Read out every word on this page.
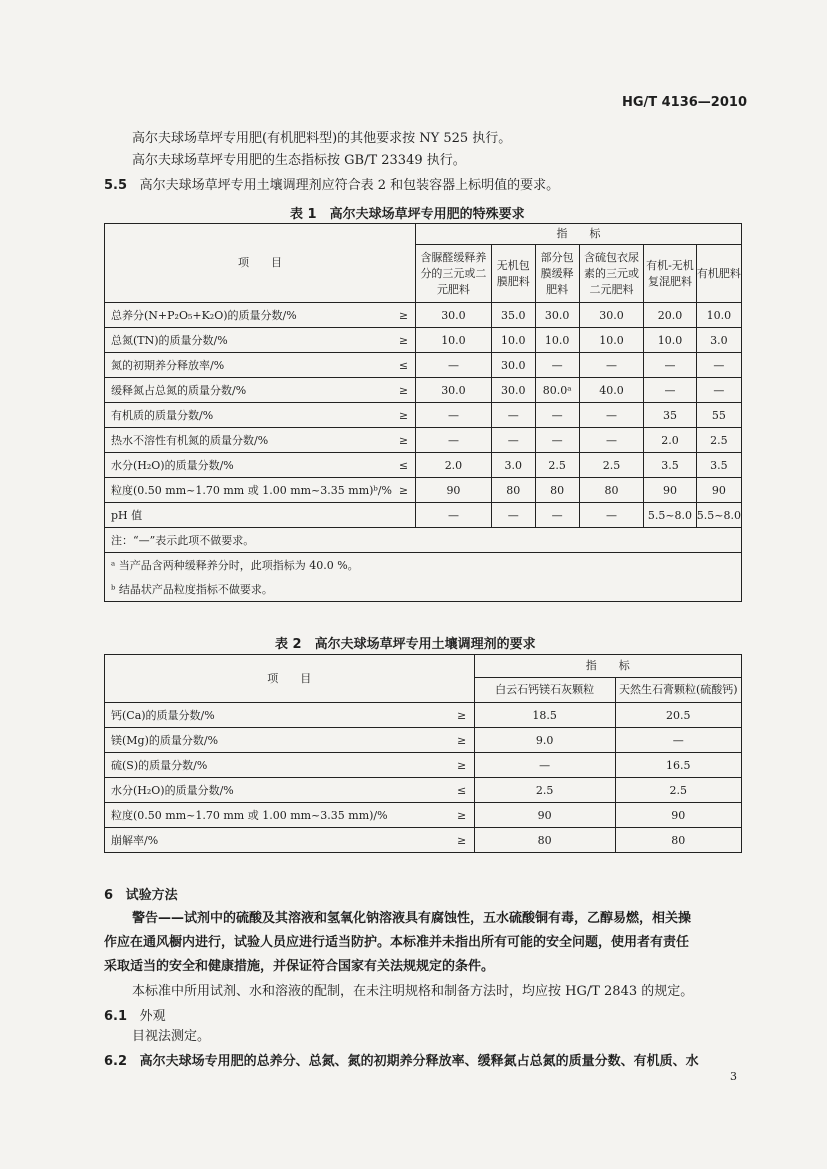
HG/T 4136—2010
高尔夫球场草坪专用肥(有机肥料型)的其他要求按 NY 525 执行。
高尔夫球场草坪专用肥的生态指标按 GB/T 23349 执行。
5.5 高尔夫球场草坪专用土壤调理剂应符合表 2 和包装容器上标明值的要求。
表 1　高尔夫球场草坪专用肥的特殊要求
项　　目		指　　标					
		含脲醛缓释养分的三元或二元肥料	无机包膜肥料	部分包膜缓释肥料	含硫包衣尿素的三元或二元肥料	有机-无机复混肥料	有机肥料
总养分(N+P₂O₅+K₂O)的质量分数/%	≥	30.0	35.0	30.0	30.0	20.0	10.0
总氮(TN)的质量分数/%	≥	10.0	10.0	10.0	10.0	10.0	3.0
氮的初期养分释放率/%	≤	—	30.0	—	—	—	—
缓释氮占总氮的质量分数/%	≥	30.0	30.0	80.0ᵃ	40.0	—	—
有机质的质量分数/%	≥	—	—	—	—	35	55
热水不溶性有机氮的质量分数/%	≥	—	—	—	—	2.0	2.5
水分(H₂O)的质量分数/%	≤	2.0	3.0	2.5	2.5	3.5	3.5
粒度(0.50 mm~1.70 mm 或 1.00 mm~3.35 mm)ᵇ/%	≥	90	80	80	80	90	90
pH 值		—	—	—	—	5.5~8.0	5.5~8.0
注：“—”表示此项不做要求。							
ᵃ 当产品含两种缓释养分时，此项指标为 40.0 %。							
ᵇ 结晶状产品粒度指标不做要求。							
表 2　高尔夫球场草坪专用土壤调理剂的要求
项　　目		指　　标	
		白云石钙镁石灰颗粒	天然生石膏颗粒(硫酸钙)
钙(Ca)的质量分数/%	≥	18.5	20.5
镁(Mg)的质量分数/%	≥	9.0	—
硫(S)的质量分数/%	≥	—	16.5
水分(H₂O)的质量分数/%	≤	2.5	2.5
粒度(0.50 mm~1.70 mm 或 1.00 mm~3.35 mm)/%	≥	90	90
崩解率/%	≥	80	80
6 试验方法
警告——试剂中的硫酸及其溶液和氢氧化钠溶液具有腐蚀性，五水硫酸铜有毒，乙醇易燃，相关操
作应在通风橱内进行，试验人员应进行适当防护。本标准并未指出所有可能的安全问题，使用者有责任
采取适当的安全和健康措施，并保证符合国家有关法规规定的条件。
本标准中所用试剂、水和溶液的配制，在未注明规格和制备方法时，均应按 HG/T 2843 的规定。
6.1 外观
目视法测定。
6.2 高尔夫球场专用肥的总养分、总氮、氮的初期养分释放率、缓释氮占总氮的质量分数、有机质、水
3
